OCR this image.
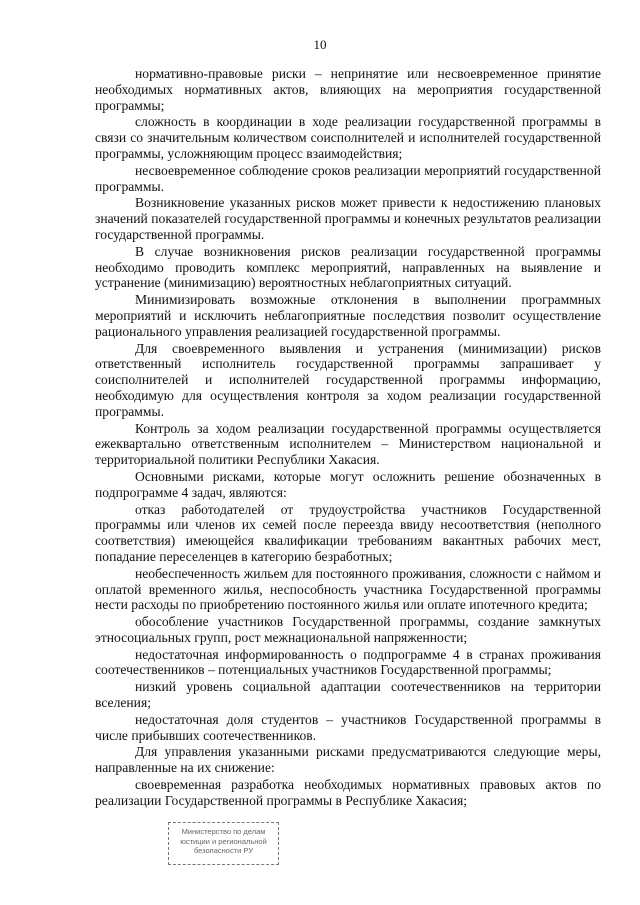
10

нормативно-правовые риски – непринятие или несвоевременное принятие необходимых нормативных актов, влияющих на мероприятия государственной программы;

сложность в координации в ходе реализации государственной программы в связи со значительным количеством соисполнителей и исполнителей государственной программы, усложняющим процесс взаимодействия;

несвоевременное соблюдение сроков реализации мероприятий государственной программы.

Возникновение указанных рисков может привести к недостижению плановых значений показателей государственной программы и конечных результатов реализации государственной программы.

В случае возникновения рисков реализации государственной программы необходимо проводить комплекс мероприятий, направленных на выявление и устранение (минимизацию) вероятностных неблагоприятных ситуаций.

Минимизировать возможные отклонения в выполнении программных мероприятий и исключить неблагоприятные последствия позволит осуществление рационального управления реализацией государственной программы.

Для своевременного выявления и устранения (минимизации) рисков ответственный исполнитель государственной программы запрашивает у соисполнителей и исполнителей государственной программы информацию, необходимую для осуществления контроля за ходом реализации государственной программы.

Контроль за ходом реализации государственной программы осуществляется ежеквартально ответственным исполнителем – Министерством национальной и территориальной политики Республики Хакасия.

Основными рисками, которые могут осложнить решение обозначенных в подпрограмме 4 задач, являются:

отказ работодателей от трудоустройства участников Государственной программы или членов их семей после переезда ввиду несоответствия (неполного соответствия) имеющейся квалификации требованиям вакантных рабочих мест, попадание переселенцев в категорию безработных;

необеспеченность жильем для постоянного проживания, сложности с наймом и оплатой временного жилья, неспособность участника Государственной программы нести расходы по приобретению постоянного жилья или оплате ипотечного кредита;

обособление участников Государственной программы, создание замкнутых этносоциальных групп, рост межнациональной напряженности;

недостаточная информированность о подпрограмме 4 в странах проживания соотечественников – потенциальных участников Государственной программы;

низкий уровень социальной адаптации соотечественников на территории вселения;

недостаточная доля студентов – участников Государственной программы в числе прибывших соотечественников.

Для управления указанными рисками предусматриваются следующие меры, направленные на их снижение:

своевременная разработка необходимых нормативных правовых актов по реализации Государственной программы в Республике Хакасия;

Министерство по делам
юстиции и региональной
безопасности РУ
